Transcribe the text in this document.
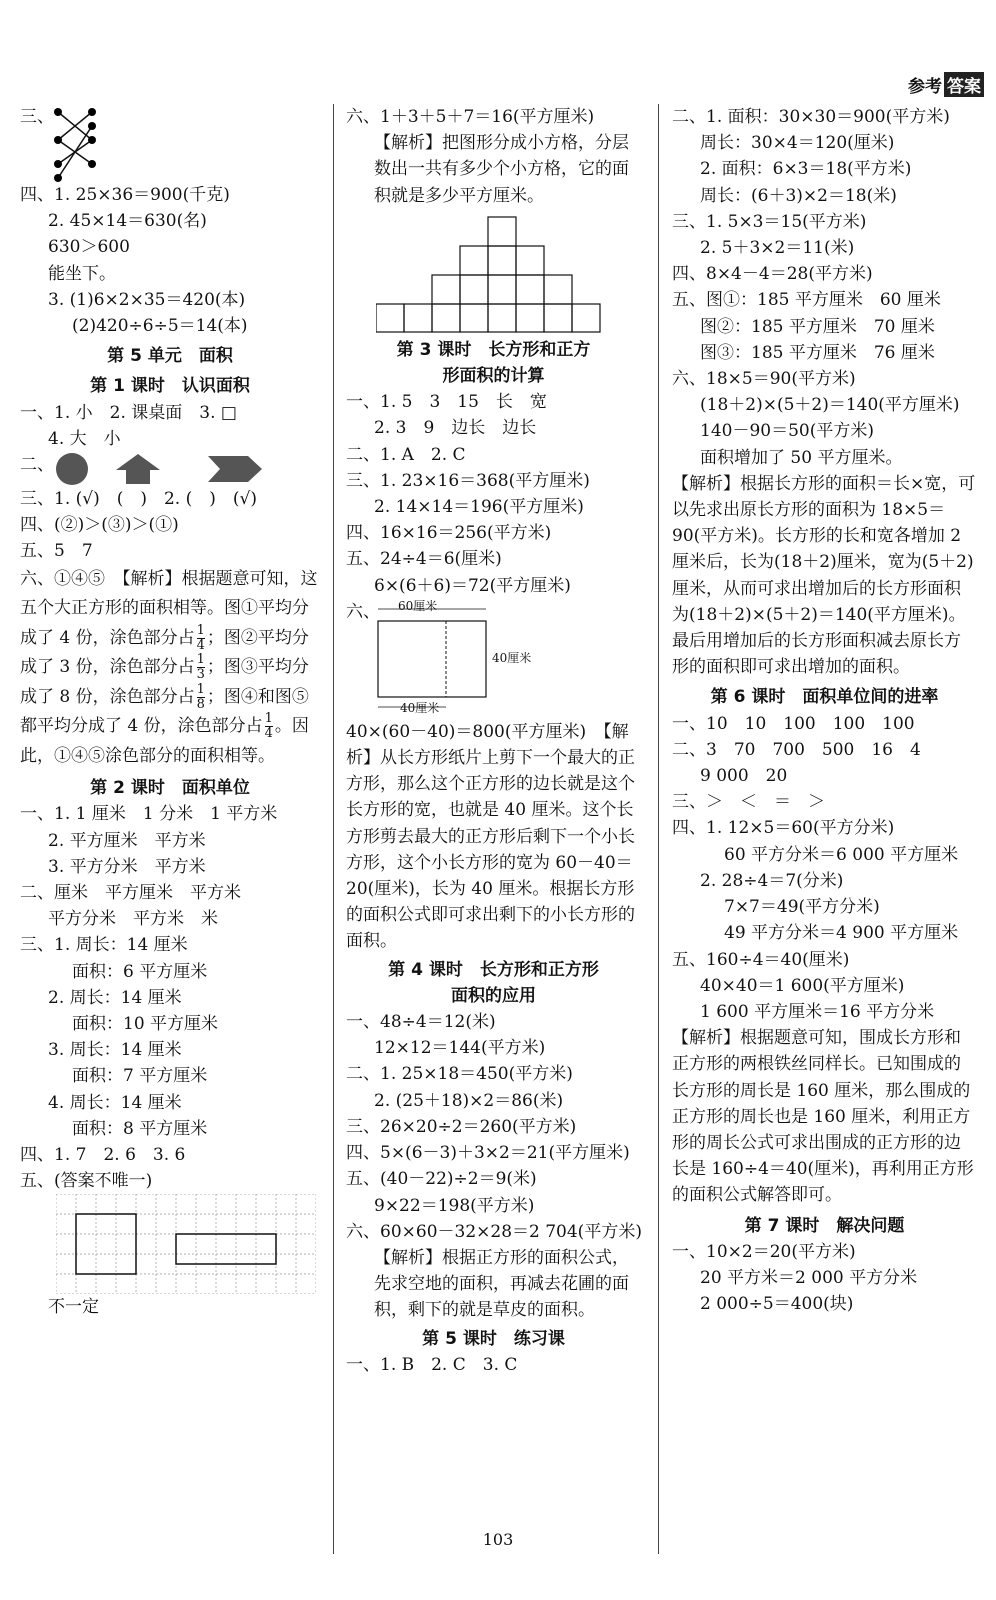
参考 答案
三、
四、1. 25×36＝900(千克)
2. 45×14＝630(名)
630＞600
能坐下。
3. (1)6×2×35＝420(本)
(2)420÷6÷5＝14(本)
第 5 单元　面积
第 1 课时　认识面积
一、1. 小　2. 课桌面　3. □
4. 大　小
二、
三、1. (√)　(　)　2. (　)　(√)
四、(②)＞(③)＞(①)
五、5　7
六、①④⑤　【解析】根据题意可知，这五个大正方形的面积相等。图①平均分成了 4 份，涂色部分占 $\frac{1}{4}$ ；图②平均分成了 3 份，涂色部分占 $\frac{1}{3}$ ；图③平均分成了 8 份，涂色部分占 $\frac{1}{8}$ ；图④和图⑤都平均分成了 4 份，涂色部分占 $\frac{1}{4}$ 。因此，①④⑤涂色部分的面积相等。
第 2 课时　面积单位
一、1. 1 厘米　1 分米　1 平方米
2. 平方厘米　平方米
3. 平方分米　平方米
二、厘米　平方厘米　平方米
平方分米　平方米　米
三、1. 周长：14 厘米
面积：6 平方厘米
2. 周长：14 厘米
面积：10 平方厘米
3. 周长：14 厘米
面积：7 平方厘米
4. 周长：14 厘米
面积：8 平方厘米
四、1. 7　2. 6　3. 6
五、(答案不唯一)
不一定
六、1＋3＋5＋7＝16(平方厘米)
【解析】把图形分成小方格，分层数出一共有多少个小方格，它的面积就是多少平方厘米。
第 3 课时　长方形和正方
形面积的计算
一、1. 5　3　15　长　宽
2. 3　9　边长　边长
二、1. A　2. C
三、1. 23×16＝368(平方厘米)
2. 14×14＝196(平方厘米)
四、16×16＝256(平方米)
五、24÷4＝6(厘米)
6×(6＋6)＝72(平方厘米)
六、 60厘米
40厘米
40厘米
40×(60－40)＝800(平方厘米)　【解析】从长方形纸片上剪下一个最大的正方形，那么这个正方形的边长就是这个长方形的宽，也就是 40 厘米。这个长方形剪去最大的正方形后剩下一个小长方形，这个小长方形的宽为 60－40＝20(厘米)，长为 40 厘米。根据长方形的面积公式即可求出剩下的小长方形的面积。
第 4 课时　长方形和正方形
面积的应用
一、48÷4＝12(米)
12×12＝144(平方米)
二、1. 25×18＝450(平方米)
2. (25＋18)×2＝86(米)
三、26×20÷2＝260(平方米)
四、5×(6－3)＋3×2＝21(平方厘米)
五、(40－22)÷2＝9(米)
9×22＝198(平方米)
六、60×60－32×28＝2 704(平方米)
【解析】根据正方形的面积公式，先求空地的面积，再减去花圃的面积，剩下的就是草皮的面积。
第 5 课时　练习课
一、1. B　2. C　3. C
二、1. 面积：30×30＝900(平方米)
周长：30×4＝120(厘米)
2. 面积：6×3＝18(平方米)
周长：(6＋3)×2＝18(米)
三、1. 5×3＝15(平方米)
2. 5＋3×2＝11(米)
四、8×4－4＝28(平方米)
五、图①：185 平方厘米　60 厘米
图②：185 平方厘米　70 厘米
图③：185 平方厘米　76 厘米
六、18×5＝90(平方米)
(18＋2)×(5＋2)＝140(平方厘米)
140－90＝50(平方米)
面积增加了 50 平方厘米。
【解析】根据长方形的面积＝长×宽，可以先求出原长方形的面积为 18×5＝90(平方米)。长方形的长和宽各增加 2 厘米后，长为(18＋2)厘米，宽为(5＋2)厘米，从而可求出增加后的长方形面积为(18＋2)×(5＋2)＝140(平方厘米)。最后用增加后的长方形面积减去原长方形的面积即可求出增加的面积。
第 6 课时　面积单位间的进率
一、10　10　100　100　100
二、3　70　700　500　16　4
9 000　20
三、＞　＜　＝　＞
四、1. 12×5＝60(平方分米)
60 平方分米＝6 000 平方厘米
2. 28÷4＝7(分米)
7×7＝49(平方分米)
49 平方分米＝4 900 平方厘米
五、160÷4＝40(厘米)
40×40＝1 600(平方厘米)
1 600 平方厘米＝16 平方分米
【解析】根据题意可知，围成长方形和正方形的两根铁丝同样长。已知围成的长方形的周长是 160 厘米，那么围成的正方形的周长也是 160 厘米，利用正方形的周长公式可求出围成的正方形的边长是 160÷4＝40(厘米)，再利用正方形的面积公式解答即可。
第 7 课时　解决问题
一、10×2＝20(平方米)
20 平方米＝2 000 平方分米
2 000÷5＝400(块)
103
